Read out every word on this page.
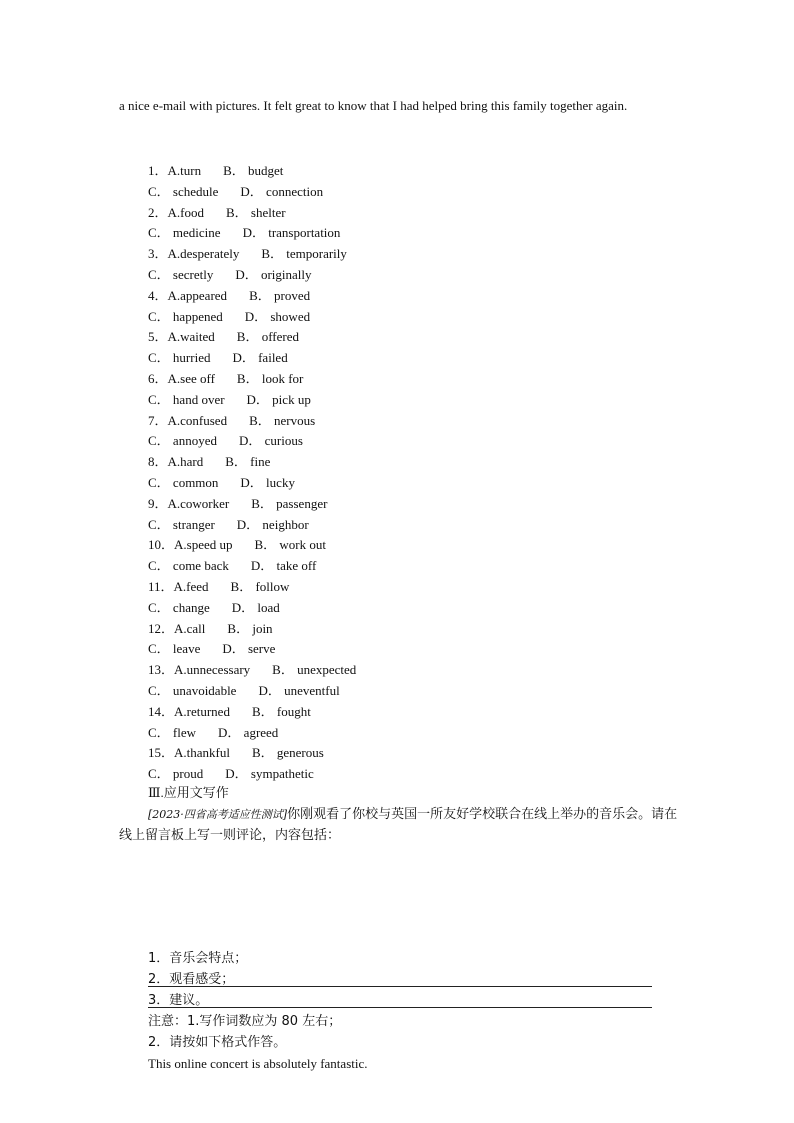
a nice e-mail with pictures. It felt great to know that I had helped bring this family together again.
1．A.turn B． budget
C． schedule D． connection
2．A.food B． shelter
C． medicine D． transportation
3．A.desperately B． temporarily
C． secretly D． originally
4．A.appeared B． proved
C． happened D． showed
5．A.waited B． offered
C． hurried D． failed
6．A.see off B． look for
C． hand over D． pick up
7．A.confused B． nervous
C． annoyed D． curious
8．A.hard B． fine
C． common D． lucky
9．A.coworker B． passenger
C． stranger D． neighbor
10．A.speed up B． work out
C． come back D． take off
11．A.feed B． follow
C． change D． load
12．A.call B． join
C． leave D． serve
13．A.unnecessary B． unexpected
C． unavoidable D． uneventful
14．A.returned B． fought
C． flew D． agreed
15．A.thankful B． generous
C． proud D． sympathetic
Ⅲ.应用文写作
[2023·四省高考适应性测试]你刚观看了你校与英国一所友好学校联合在线上举办的音乐会。请在线上留言板上写一则评论，内容包括：
1．音乐会特点；
2．观看感受；
3．建议。
注意：1.写作词数应为 80 左右；
2．请按如下格式作答。
This online concert is absolutely fantastic.
